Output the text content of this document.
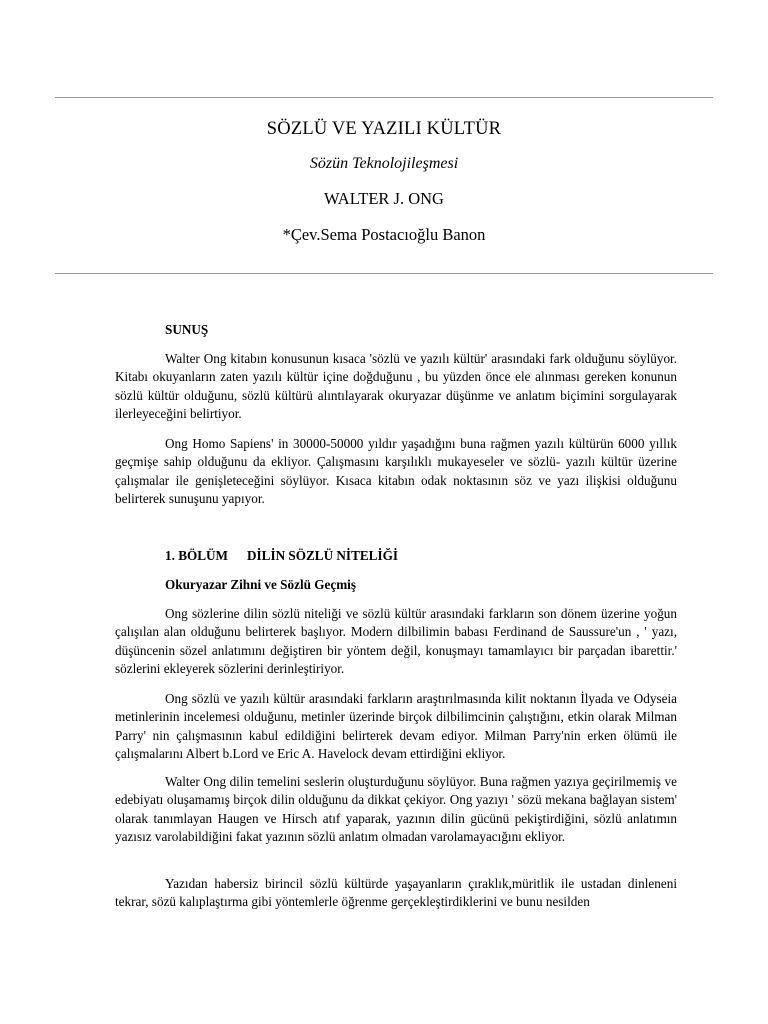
SÖZLÜ VE YAZILI KÜLTÜR
Sözün Teknolojileşmesi
WALTER J. ONG
*Çev.Sema Postacıoğlu Banon

SUNUŞ

Walter Ong kitabın konusunun kısaca 'sözlü ve yazılı kültür' arasındaki fark olduğunu söylüyor. Kitabı okuyanların zaten yazılı kültür içine doğduğunu , bu yüzden önce ele alınması gereken konunun sözlü kültür olduğunu, sözlü kültürü alıntılayarak okuryazar düşünme ve anlatım biçimini sorgulayarak ilerleyeceğini belirtiyor.

Ong Homo Sapiens' in 30000-50000 yıldır yaşadığını buna rağmen yazılı kültürün 6000 yıllık geçmişe sahip olduğunu da ekliyor. Çalışmasını karşılıklı mukayeseler ve sözlü- yazılı kültür üzerine çalışmalar ile genişleteceğini söylüyor. Kısaca kitabın odak noktasının söz ve yazı ilişkisi olduğunu belirterek sunuşunu yapıyor.

1. BÖLÜM DİLİN SÖZLÜ NİTELİĞİ

Okuryazar Zihni ve Sözlü Geçmiş

Ong sözlerine dilin sözlü niteliği ve sözlü kültür arasındaki farkların son dönem üzerine yoğun çalışılan alan olduğunu belirterek başlıyor. Modern dilbilimin babası Ferdinand de Saussure'un , ' yazı, düşüncenin sözel anlatımını değiştiren bir yöntem değil, konuşmayı tamamlayıcı bir parçadan ibarettir.' sözlerini ekleyerek sözlerini derinleştiriyor.

Ong sözlü ve yazılı kültür arasındaki farkların araştırılmasında kilit noktanın İlyada ve Odyseia metinlerinin incelemesi olduğunu, metinler üzerinde birçok dilbilimcinin çalıştığını, etkin olarak Milman Parry' nin çalışmasının kabul edildiğini belirterek devam ediyor. Milman Parry'nin erken ölümü ile çalışmalarını Albert b.Lord ve Eric A. Havelock devam ettirdiğini ekliyor.

Walter Ong dilin temelini seslerin oluşturduğunu söylüyor. Buna rağmen yazıya geçirilmemiş ve edebiyatı oluşamamış birçok dilin olduğunu da dikkat çekiyor. Ong yazıyı ' sözü mekana bağlayan sistem' olarak tanımlayan Haugen ve Hirsch atıf yaparak, yazının dilin gücünü pekiştirdiğini, sözlü anlatımın yazısız varolabildiğini fakat yazının sözlü anlatım olmadan varolamayacığını ekliyor.

Yazıdan habersiz birincil sözlü kültürde yaşayanların çıraklık,müritlik ile ustadan dinleneni tekrar, sözü kalıplaştırma gibi yöntemlerle öğrenme gerçekleştirdiklerini ve bunu nesilden
